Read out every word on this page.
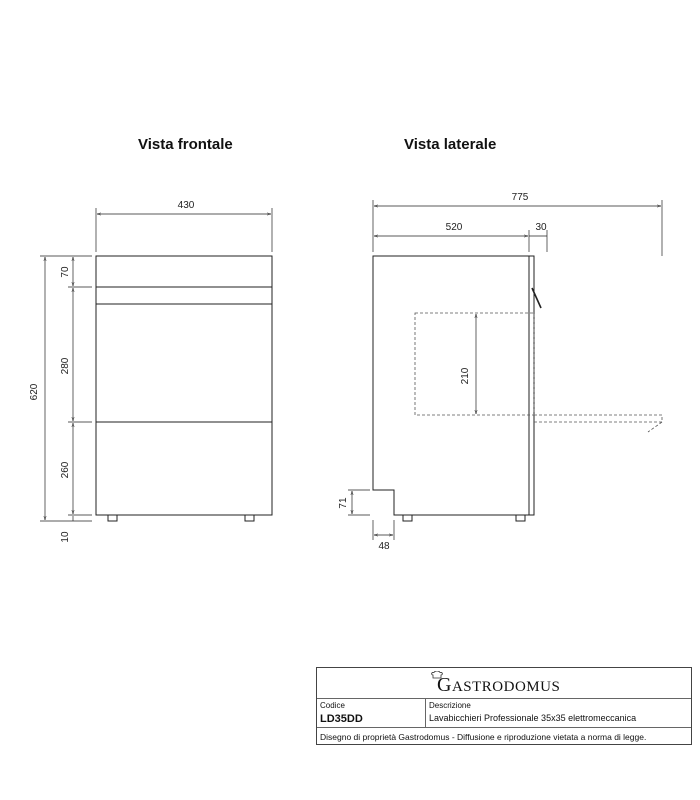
Vista frontale	Vista laterale
430
620
70
280
260
10
210
775
520	30
71
48
GASTRODOMUS
Codice
LD35DD
Descrizione
Lavabicchieri Professionale 35x35 elettromeccanica
Disegno di proprietà Gastrodomus - Diffusione e riproduzione vietata a norma di legge.
